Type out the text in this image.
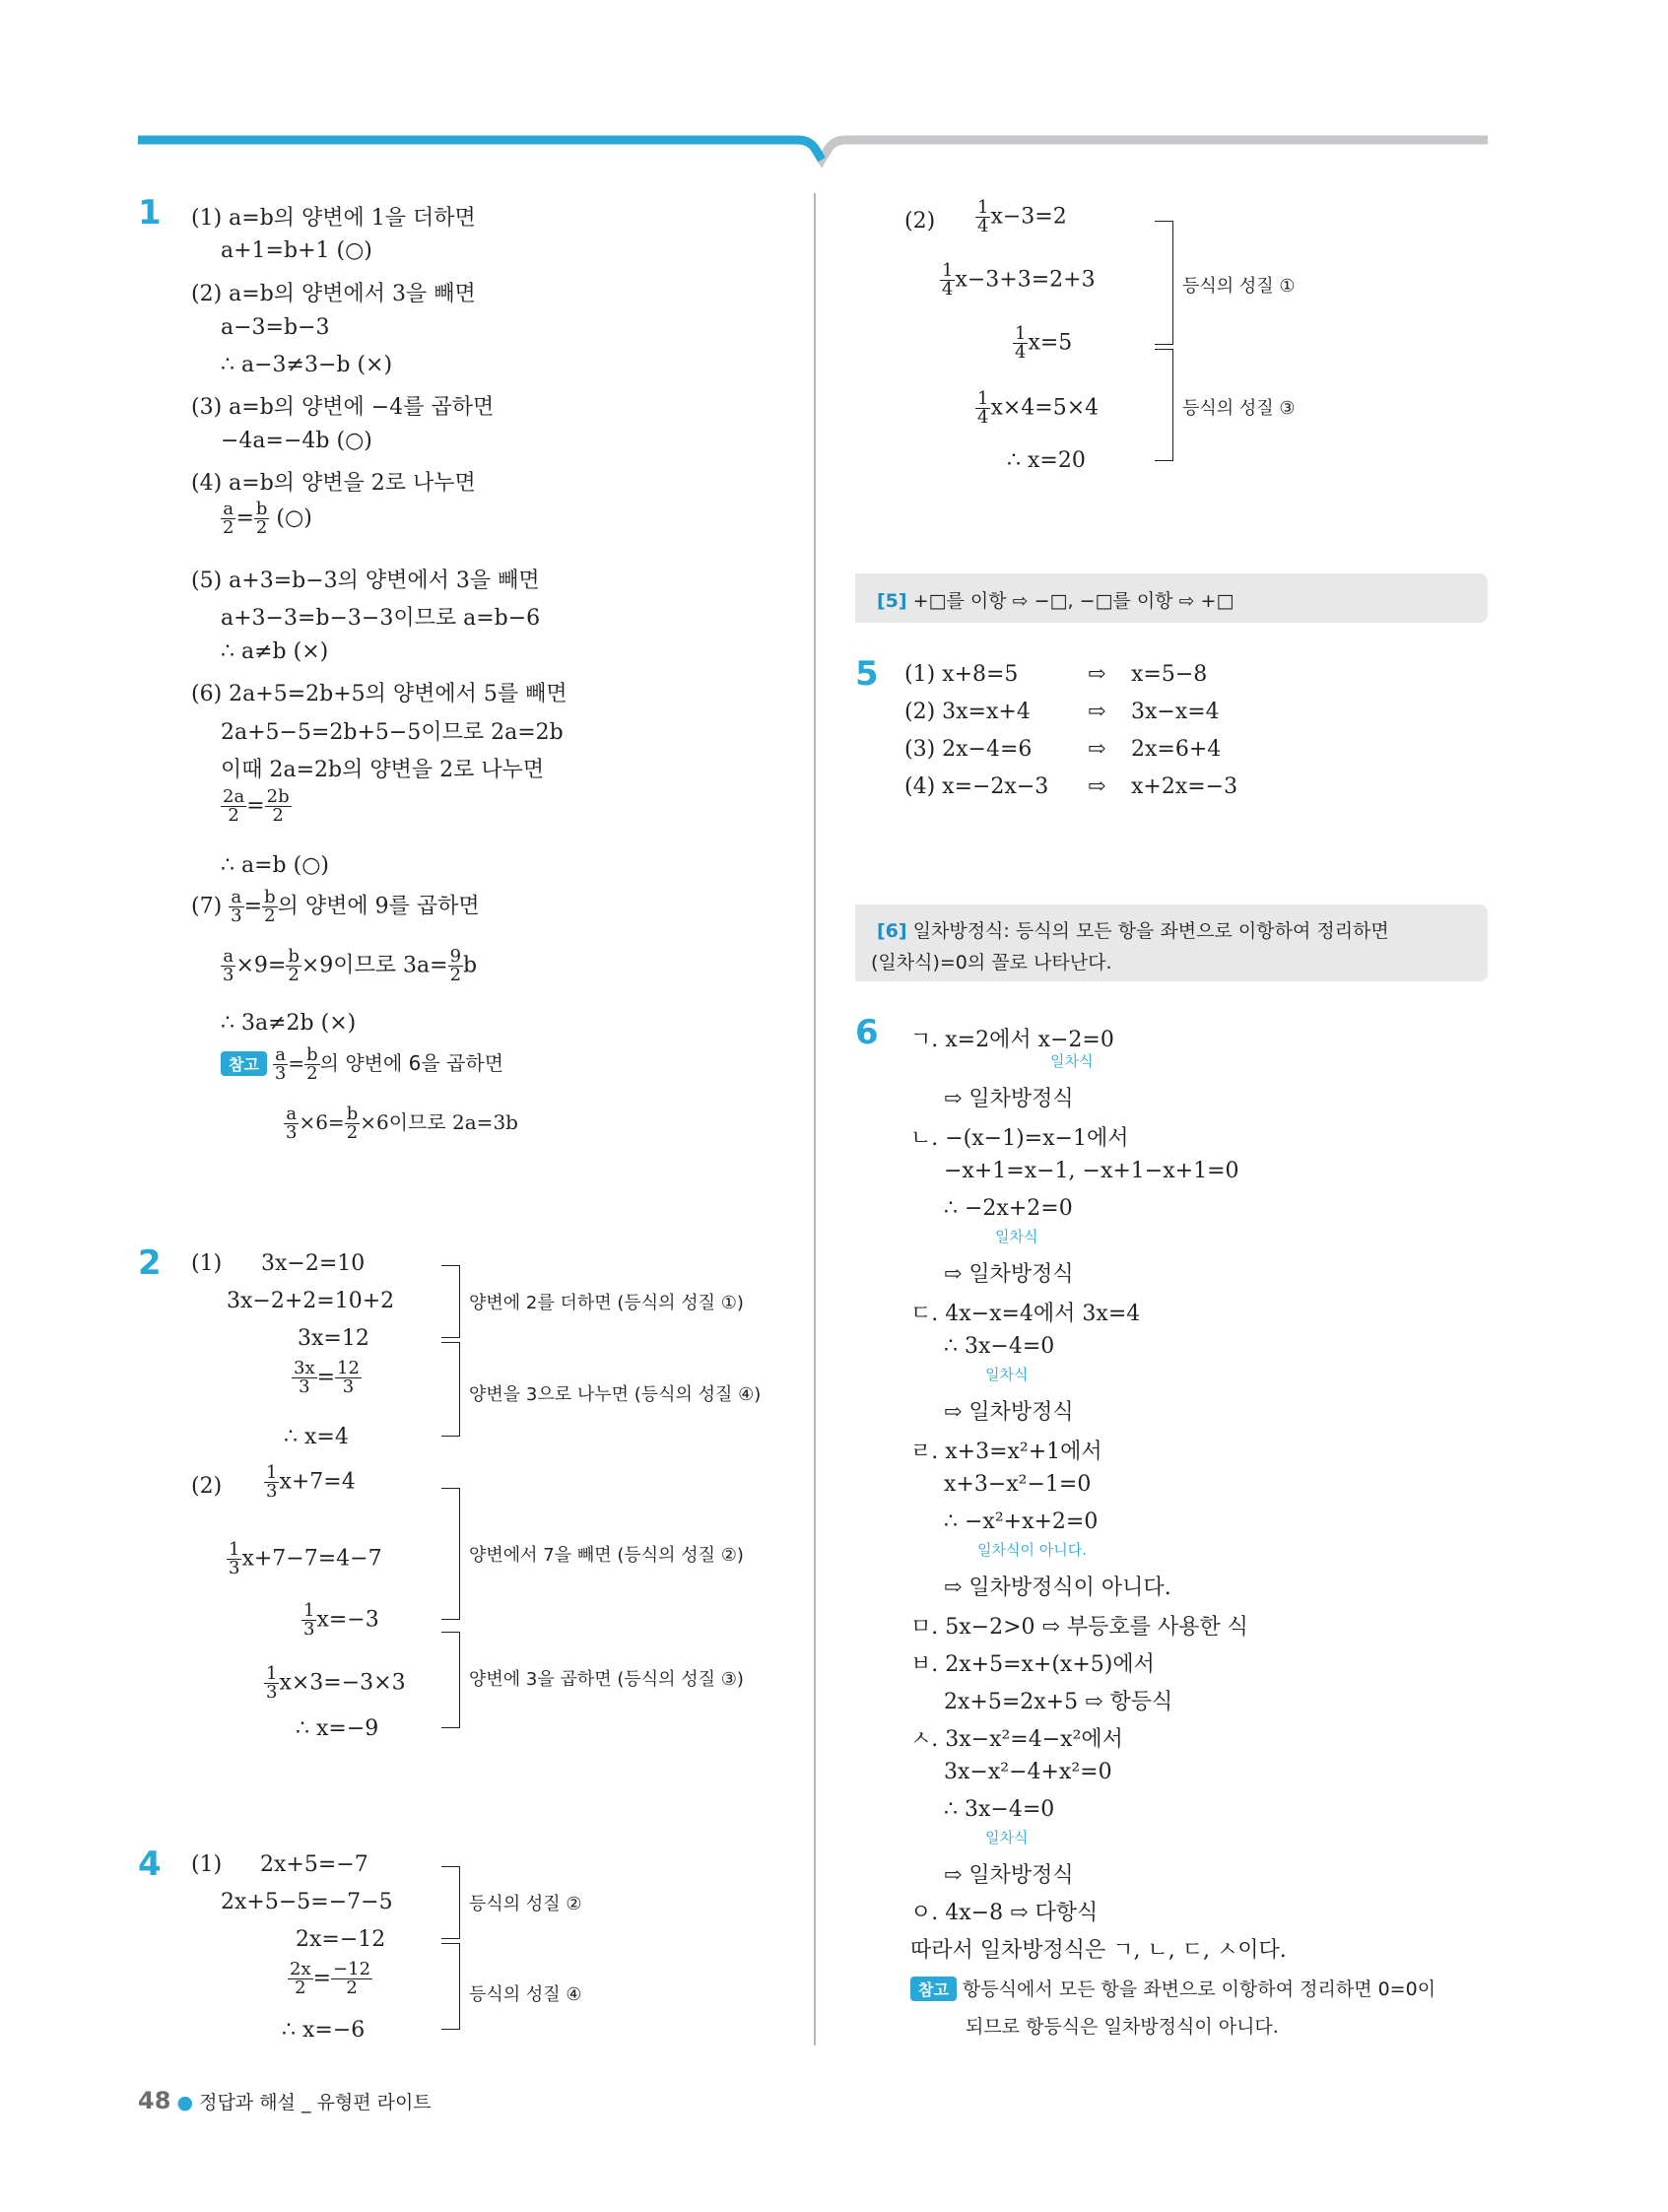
1 (1) a=b의 양변에 1을 더하면
a+1=b+1 (○)
(2) a=b의 양변에서 3을 빼면
a−3=b−3
∴ a−3≠3−b (×)
(3) a=b의 양변에 −4를 곱하면
−4a=−4b (○)
(4) a=b의 양변을 2로 나누면
$\frac{a}{2} = \frac{b}{2}$ (○)
(5) a+3=b−3의 양변에서 3을 빼면
a+3−3=b−3−3이므로 a=b−6
∴ a≠b (×)
(6) 2a+5=2b+5의 양변에서 5를 빼면
2a+5−5=2b+5−5이므로 2a=2b
이때 2a=2b의 양변을 2로 나누면
$\frac{2a}{2} = \frac{2b}{2}$
∴ a=b (○)
$(7) \frac{a}{3} = \frac{b}{2}$ 의 양변에 9를 곱하면
$\frac{a}{3} \times 9= \frac{b}{2} \times 9$이므로 $3a= \frac{9}{2}$ b
∴ 3a≠2b (×)
참고 $\frac{a}{3} = \frac{b}{2}$ 의 양변에 6을 곱하면
$\frac{a}{3} \times 6= \frac{b}{2} \times 6$이므로 2a=3b
2 (1) 3x−2=10
3x−2+2=10+2
3x=12
$\frac{3x}{3} = \frac{12}{3}$
∴ x=4
양변에 2를 더하면 (등식의 성질 ①)
양변을 3으로 나누면 (등식의 성질 ④)
$(2) \frac{1}{3} x+7=4$
$\frac{1}{3} x+7-7=4-7$
$\frac{1}{3} x=-3$
$\frac{1}{3} x\times 3=-3\times 3$
∴ x=−9
양변에서 7을 빼면 (등식의 성질 ②)
양변에 3을 곱하면 (등식의 성질 ③)
4 (1) 2x+5=−7
2x+5−5=−7−5
2x=−12
$\frac{2x}{2} = \frac{-12}{2}$
∴ x=−6
등식의 성질 ②
등식의 성질 ④
$(2) \frac{1}{4} x-3=2$
$\frac{1}{4} x-3+3=2+3$
$\frac{1}{4} x=5$
$\frac{1}{4} x\times 4=5\times 4$
∴ x=20
등식의 성질 ①
등식의 성질 ③
[5] +□를 이항 ⇨ −□, −□를 이항 ⇨ +□
5 (1) x+8=5
(2) 3x=x+4
(3) 2x−4=6
(4) x=−2x−3
⇨
⇨
⇨
⇨
x=5−8
3x−x=4
2x=6+4
x+2x=−3
[6] 일차방정식: 등식의 모든 항을 좌변으로 이항하여 정리하면
(일차식)=0의 꼴로 나타난다.
6 ㄱ. x=2에서 x−2=0
일차식
⇨ 일차방정식
ㄴ. −(x−1)=x−1에서
−x+1=x−1, −x+1−x+1=0
∴ −2x+2=0
일차식
⇨ 일차방정식
ㄷ. 4x−x=4에서 3x=4
∴ 3x−4=0
일차식
⇨ 일차방정식
ㄹ. x+3=x²+1에서
x+3−x²−1=0
∴ −x²+x+2=0
일차식이 아니다.
⇨ 일차방정식이 아니다.
ㅁ. 5x−2>0 ⇨ 부등호를 사용한 식
ㅂ. 2x+5=x+(x+5)에서
2x+5=2x+5 ⇨ 항등식
ㅅ. 3x−x²=4−x²에서
3x−x²−4+x²=0
∴ 3x−4=0
일차식
⇨ 일차방정식
ㅇ. 4x−8 ⇨ 다항식
따라서 일차방정식은 ㄱ, ㄴ, ㄷ, ㅅ이다.
참고 항등식에서 모든 항을 좌변으로 이항하여 정리하면 0=0이
되므로 항등식은 일차방정식이 아니다.
48 ● 정답과 해설 _ 유형편 라이트
